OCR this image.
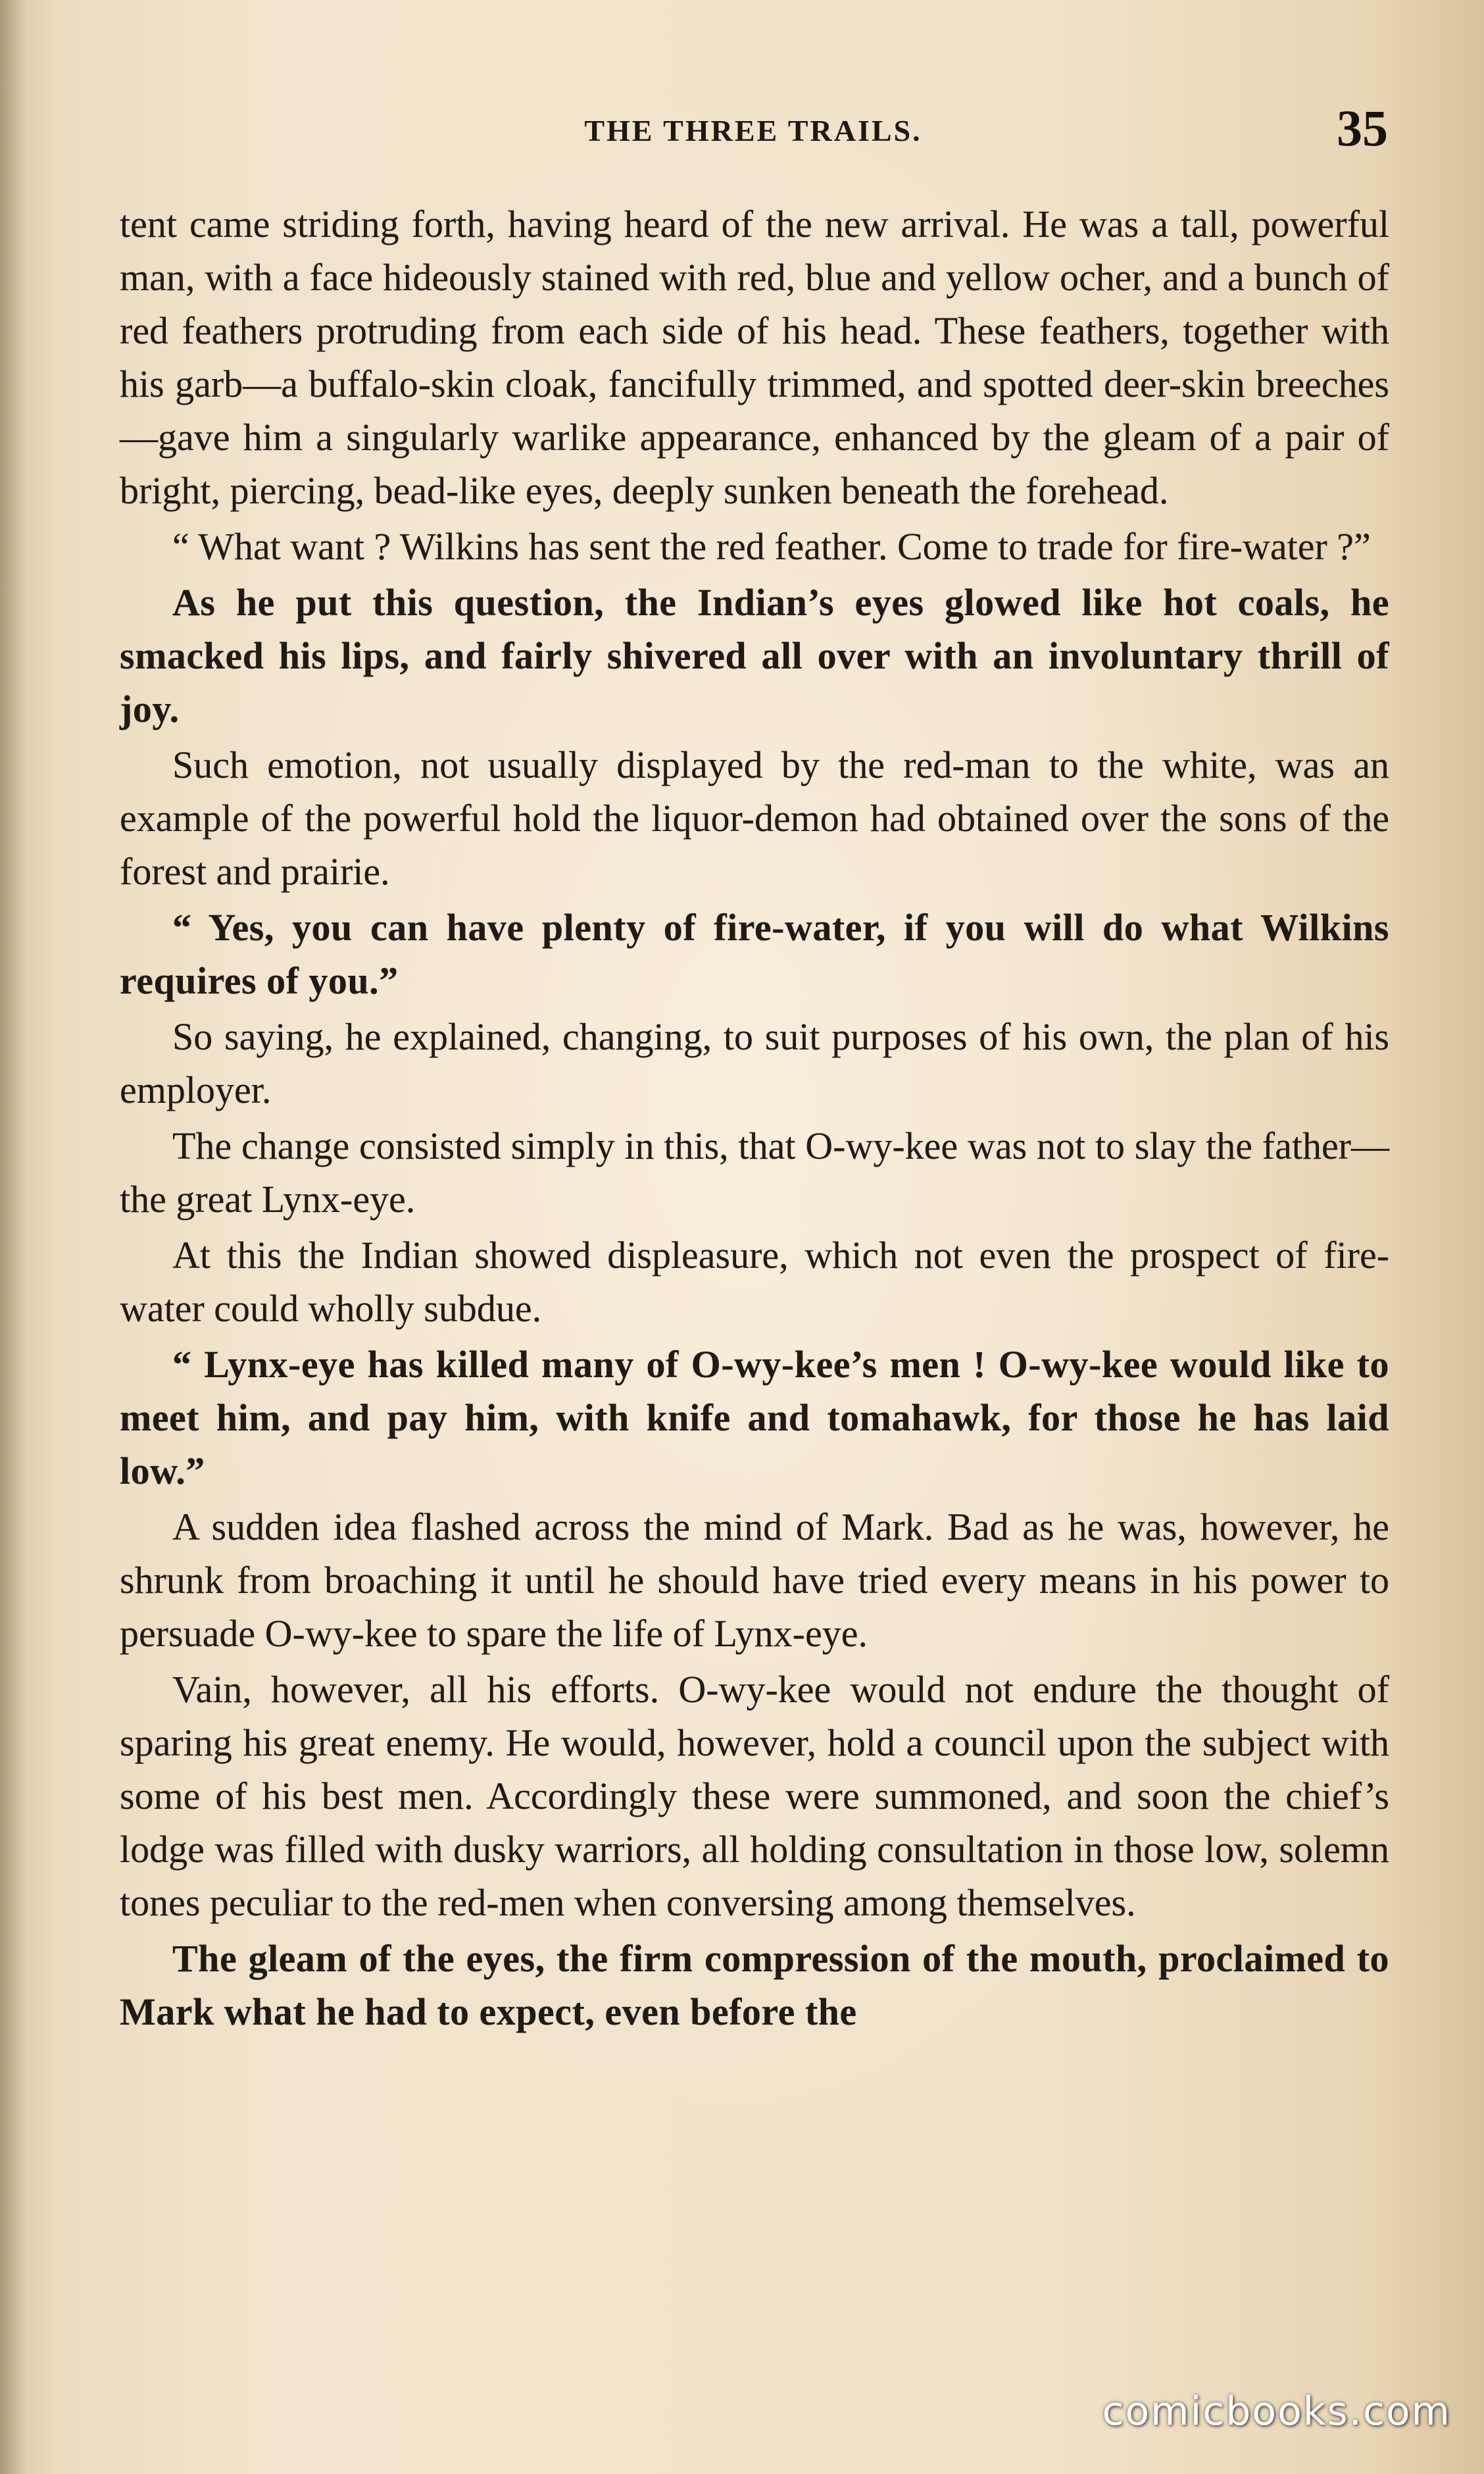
THE THREE TRAILS.	35

tent came striding forth, having heard of the new arrival. He was a tall, powerful man, with a face hideously stained with red, blue and yellow ocher, and a bunch of red feathers protruding from each side of his head. These feathers, together with his garb—a buffalo-skin cloak, fancifully trimmed, and spotted deer-skin breeches—gave him a singularly warlike appearance, enhanced by the gleam of a pair of bright, piercing, bead-like eyes, deeply sunken beneath the forehead.

“ What want ? Wilkins has sent the red feather. Come to trade for fire-water ?”

As he put this question, the Indian’s eyes glowed like hot coals, he smacked his lips, and fairly shivered all over with an involuntary thrill of joy.

Such emotion, not usually displayed by the red-man to the white, was an example of the powerful hold the liquor-demon had obtained over the sons of the forest and prairie.

“ Yes, you can have plenty of fire-water, if you will do what Wilkins requires of you.”

So saying, he explained, changing, to suit purposes of his own, the plan of his employer.

The change consisted simply in this, that O-wy-kee was not to slay the father—the great Lynx-eye.

At this the Indian showed displeasure, which not even the prospect of fire-water could wholly subdue.

“ Lynx-eye has killed many of O-wy-kee’s men ! O-wy-kee would like to meet him, and pay him, with knife and tomahawk, for those he has laid low.”

A sudden idea flashed across the mind of Mark. Bad as he was, however, he shrunk from broaching it until he should have tried every means in his power to persuade O-wy-kee to spare the life of Lynx-eye.

Vain, however, all his efforts. O-wy-kee would not endure the thought of sparing his great enemy. He would, however, hold a council upon the subject with some of his best men. Accordingly these were summoned, and soon the chief’s lodge was filled with dusky warriors, all holding consultation in those low, solemn tones peculiar to the red-men when conversing among themselves.

The gleam of the eyes, the firm compression of the mouth, proclaimed to Mark what he had to expect, even before the

comicbooks.com
